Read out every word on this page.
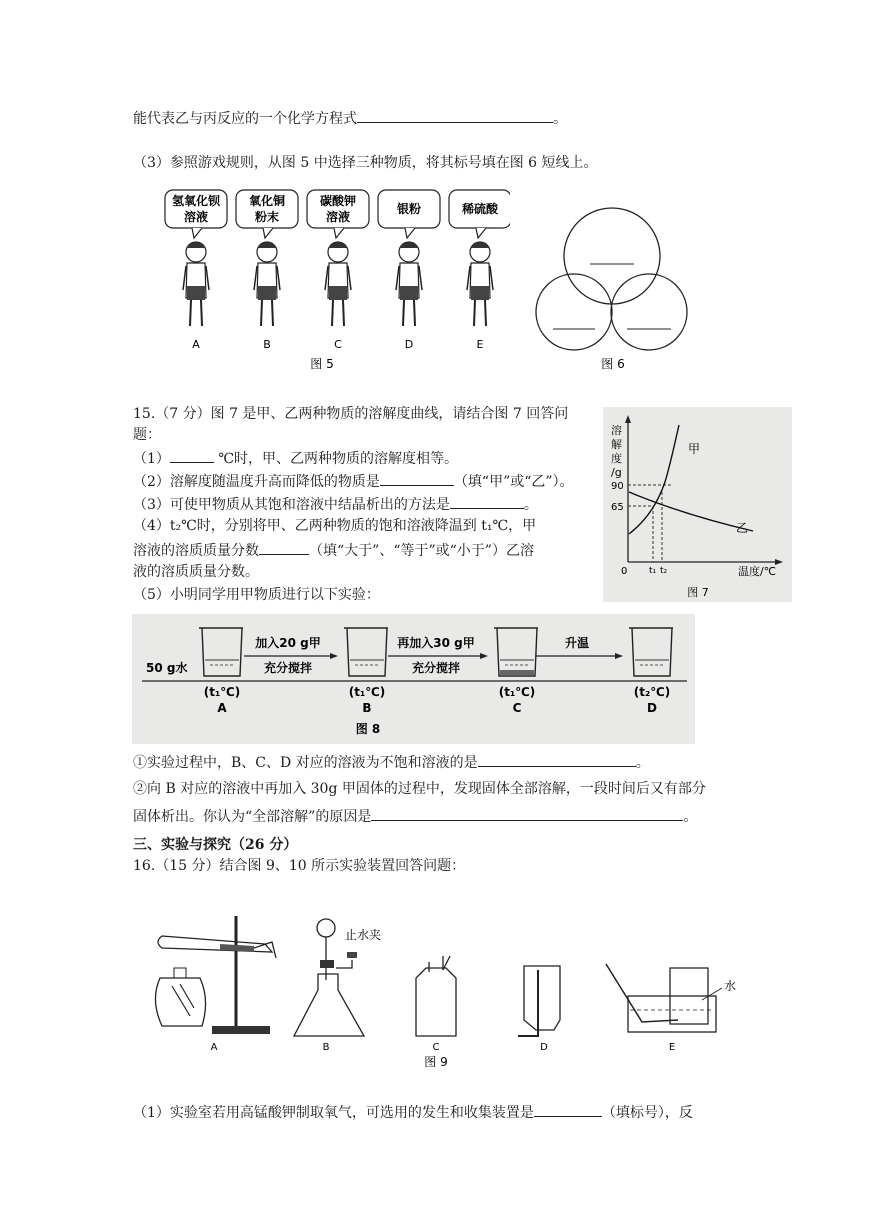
能代表乙与丙反应的一个化学方程式	。
（3）参照游戏规则，从图 5 中选择三种物质，将其标号填在图 6 短线上。
氢氧化钡
溶液
A
氧化铜
粉末
B
碳酸钾
溶液
C
银粉
D
稀硫酸
E
图 5	图 6
15.（7 分）图 7 是甲、乙两种物质的溶解度曲线，请结合图 7 回答问
题：
（1）	℃时，甲、乙两种物质的溶解度相等。
（2）溶解度随温度升高而降低的物质是	（填“甲”或“乙”）。
（3）可使甲物质从其饱和溶液中结晶析出的方法是	。
（4）t₂℃时，分别将甲、乙两种物质的饱和溶液降温到 t₁℃，甲
溶液的溶质质量分数	（填“大于”、“等于”或“小于”）乙溶
液的溶质质量分数。
（5）小明同学用甲物质进行以下实验：
溶
解
度
/g
90
65
0
甲
乙
t₁ t₂	温度/℃
图 7
(t₁℃)
A
(t₁℃)
B
(t₁℃)
C
(t₂℃)
D
加入20 g甲
充分搅拌
再加入30 g甲
充分搅拌
升温
50 g水
图 8
①实验过程中，B、C、D 对应的溶液为不饱和溶液的是	。
②向 B 对应的溶液中再加入 30g 甲固体的过程中，发现固体全部溶解，一段时间后又有部分
固体析出。你认为“全部溶解”的原因是	。
三、实验与探究（26 分）
16.（15 分）结合图 9、10 所示实验装置回答问题：
A
止水夹
B	C	D
水
E
图 9
（1）实验室若用高锰酸钾制取氧气，可选用的发生和收集装置是	（填标号），反
